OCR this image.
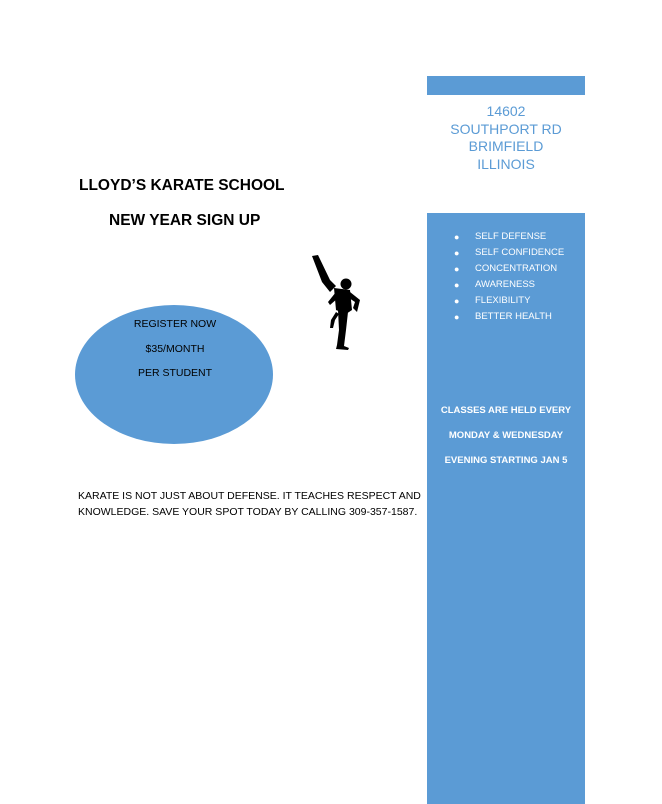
LLOYD’S KARATE SCHOOL
NEW YEAR SIGN UP
REGISTER NOW
$35/MONTH
PER STUDENT
KARATE IS NOT JUST ABOUT DEFENSE. IT TEACHES RESPECT AND
KNOWLEDGE. SAVE YOUR SPOT TODAY BY CALLING 309-357-1587.
14602
SOUTHPORT RD
BRIMFIELD
ILLINOIS
● SELF DEFENSE
● SELF CONFIDENCE
● CONCENTRATION
● AWARENESS
● FLEXIBILITY
● BETTER HEALTH
CLASSES ARE HELD EVERY
MONDAY & WEDNESDAY
EVENING STARTING JAN 5
